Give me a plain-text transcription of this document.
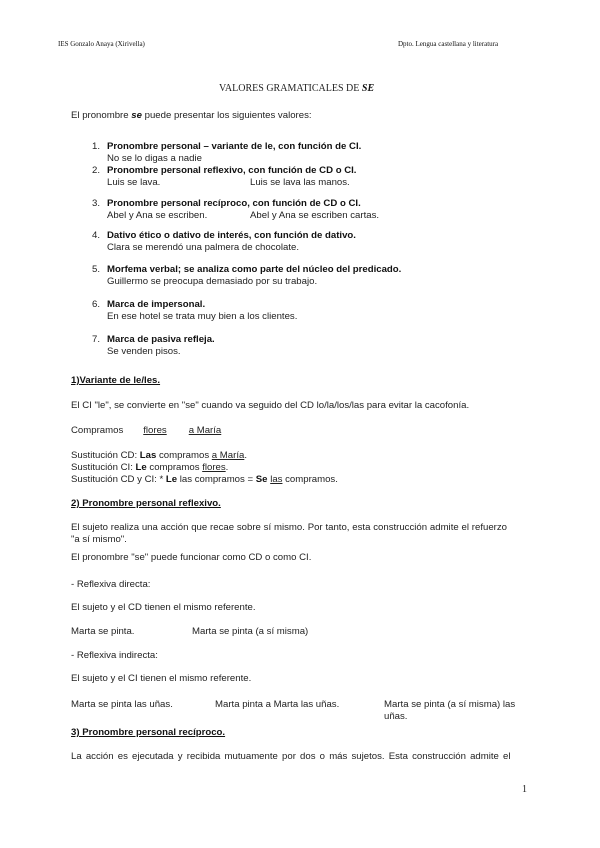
IES Gonzalo Anaya (Xirivella)	Dpto. Lengua castellana y literatura
VALORES GRAMATICALES DE SE
El pronombre se puede presentar los siguientes valores:
1. Pronombre personal – variante de le, con función de CI.
No se lo digas a nadie
2. Pronombre personal reflexivo, con función de CD o CI.
Luis se lava.	Luis se lava las manos.
3. Pronombre personal recíproco, con función de CD o CI.
Abel y Ana se escriben.	Abel y Ana se escriben cartas.
4. Dativo ético o dativo de interés, con función de dativo.
Clara se merendó una palmera de chocolate.
5. Morfema verbal; se analiza como parte del núcleo del predicado.
Guillermo se preocupa demasiado por su trabajo.
6. Marca de impersonal.
En ese hotel se trata muy bien a los clientes.
7. Marca de pasiva refleja.
Se venden pisos.
1)Variante de le/les.
El CI "le", se convierte en "se" cuando va seguido del CD lo/la/los/las para evitar la cacofonía.
Compramos flores a María
Sustitución CD: Las compramos a María.
Sustitución CI: Le compramos flores.
Sustitución CD y CI: * Le las compramos = Se las compramos.
2) Pronombre personal reflexivo.
El sujeto realiza una acción que recae sobre sí mismo. Por tanto, esta construcción admite el refuerzo "a sí mismo".
El pronombre "se" puede funcionar como CD o como CI.
- Reflexiva directa:
El sujeto y el CD tienen el mismo referente.
Marta se pinta.	Marta se pinta (a sí misma)
- Reflexiva indirecta:
El sujeto y el CI tienen el mismo referente.
Marta se pinta las uñas.	Marta pinta a Marta las uñas.	Marta se pinta (a sí misma) las uñas.
3) Pronombre personal recíproco.
La acción es ejecutada y recibida mutuamente por dos o más sujetos. Esta construcción admite el
1
